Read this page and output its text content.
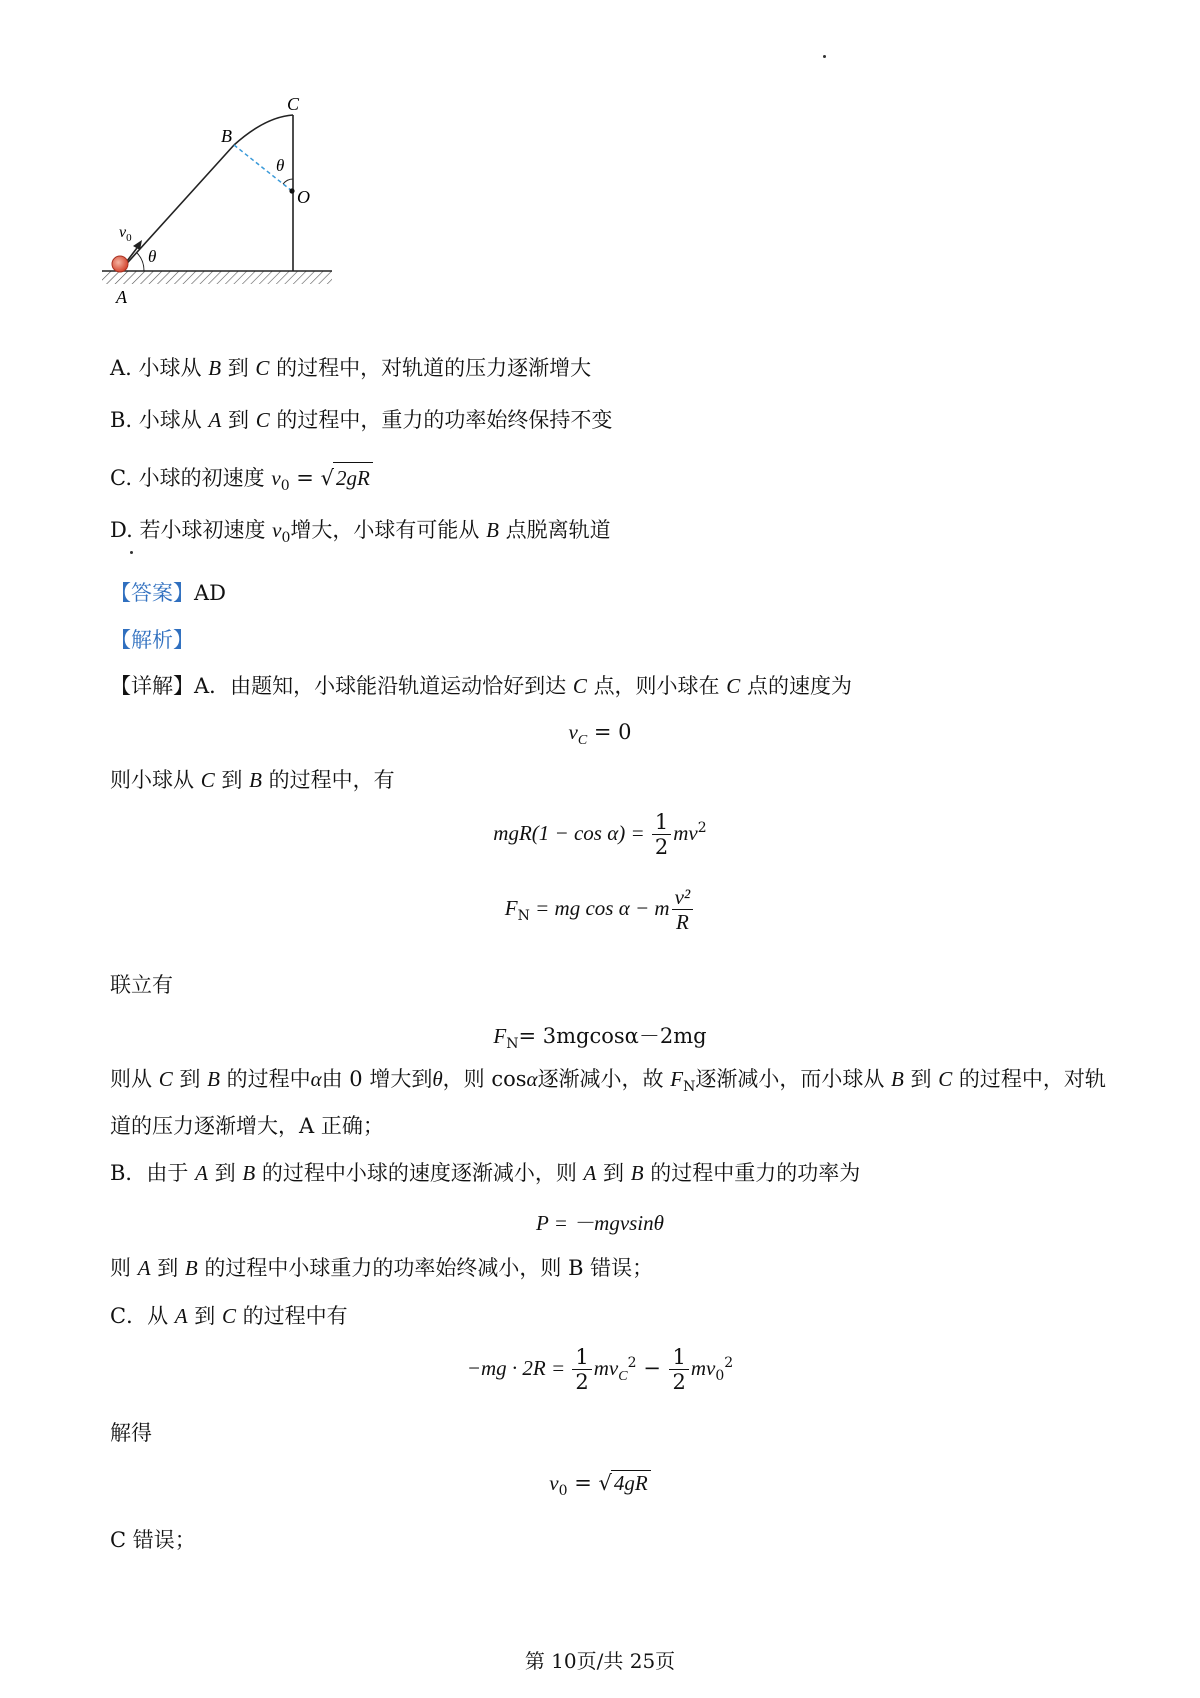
C
B
O
θ
θ
$v_0$
A
A. 小球从 B 到 C 的过程中，对轨道的压力逐渐增大
B. 小球从 A 到 C 的过程中，重力的功率始终保持不变
C. 小球的初速度 $v_0 = √2gR$
D. 若小球初速度 $v_0$增大，小球有可能从 B 点脱离轨道
【答案】AD
【解析】
【详解】A．由题知，小球能沿轨道运动恰好到达 C 点，则小球在 C 点的速度为
$v_C = 0$
则小球从 C 到 B 的过程中，有
$mgR(1 - \cos \alpha) = \frac{1}{2} mv^2$
$F_N$ = mg cos α − m $\frac{\text{v²}}{R}$
联立有
$F_N= 3mgcos\alpha-2mg$
则从 C 到 B 的过程中α由 0 增大到θ，则 cosα逐渐减小，故 $F_N$逐渐减小，而小球从 B 到 C 的过程中，对轨
道的压力逐渐增大，A 正确；
B．由于 A 到 B 的过程中小球的速度逐渐减小，则 A 到 B 的过程中重力的功率为
P = －mgvsinθ
则 A 到 B 的过程中小球重力的功率始终减小，则 B 错误；
C．从 A 到 C 的过程中有
$-mg \cdot 2R = \frac{1}{2} mv_C^2 - \frac{1}{2} mv_0^2$
解得
$v_0 = √4gR$
C 错误；
第 10页/共 25页
